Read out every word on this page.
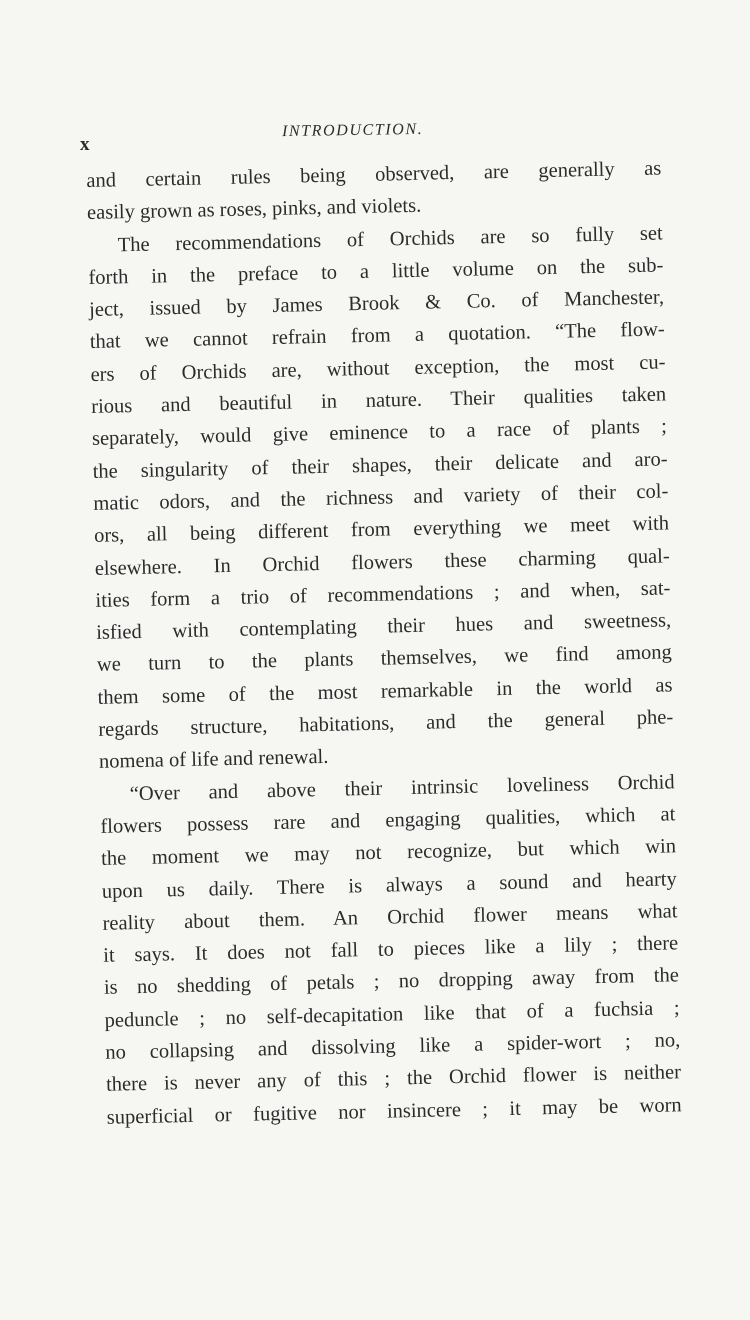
x
INTRODUCTION.
and certain rules being observed, are generally as
easily grown as roses, pinks, and violets.
The recommendations of Orchids are so fully set
forth in the preface to a little volume on the sub-
ject, issued by James Brook & Co. of Manchester,
that we cannot refrain from a quotation. “The flow-
ers of Orchids are, without exception, the most cu-
rious and beautiful in nature. Their qualities taken
separately, would give eminence to a race of plants ;
the singularity of their shapes, their delicate and aro-
matic odors, and the richness and variety of their col-
ors, all being different from everything we meet with
elsewhere. In Orchid flowers these charming qual-
ities form a trio of recommendations ; and when, sat-
isfied with contemplating their hues and sweetness,
we turn to the plants themselves, we find among
them some of the most remarkable in the world as
regards structure, habitations, and the general phe-
nomena of life and renewal.
“Over and above their intrinsic loveliness Orchid
flowers possess rare and engaging qualities, which at
the moment we may not recognize, but which win
upon us daily. There is always a sound and hearty
reality about them. An Orchid flower means what
it says. It does not fall to pieces like a lily ; there
is no shedding of petals ; no dropping away from the
peduncle ; no self-decapitation like that of a fuchsia ;
no collapsing and dissolving like a spider-wort ; no,
there is never any of this ; the Orchid flower is neither
superficial or fugitive nor insincere ; it may be worn
